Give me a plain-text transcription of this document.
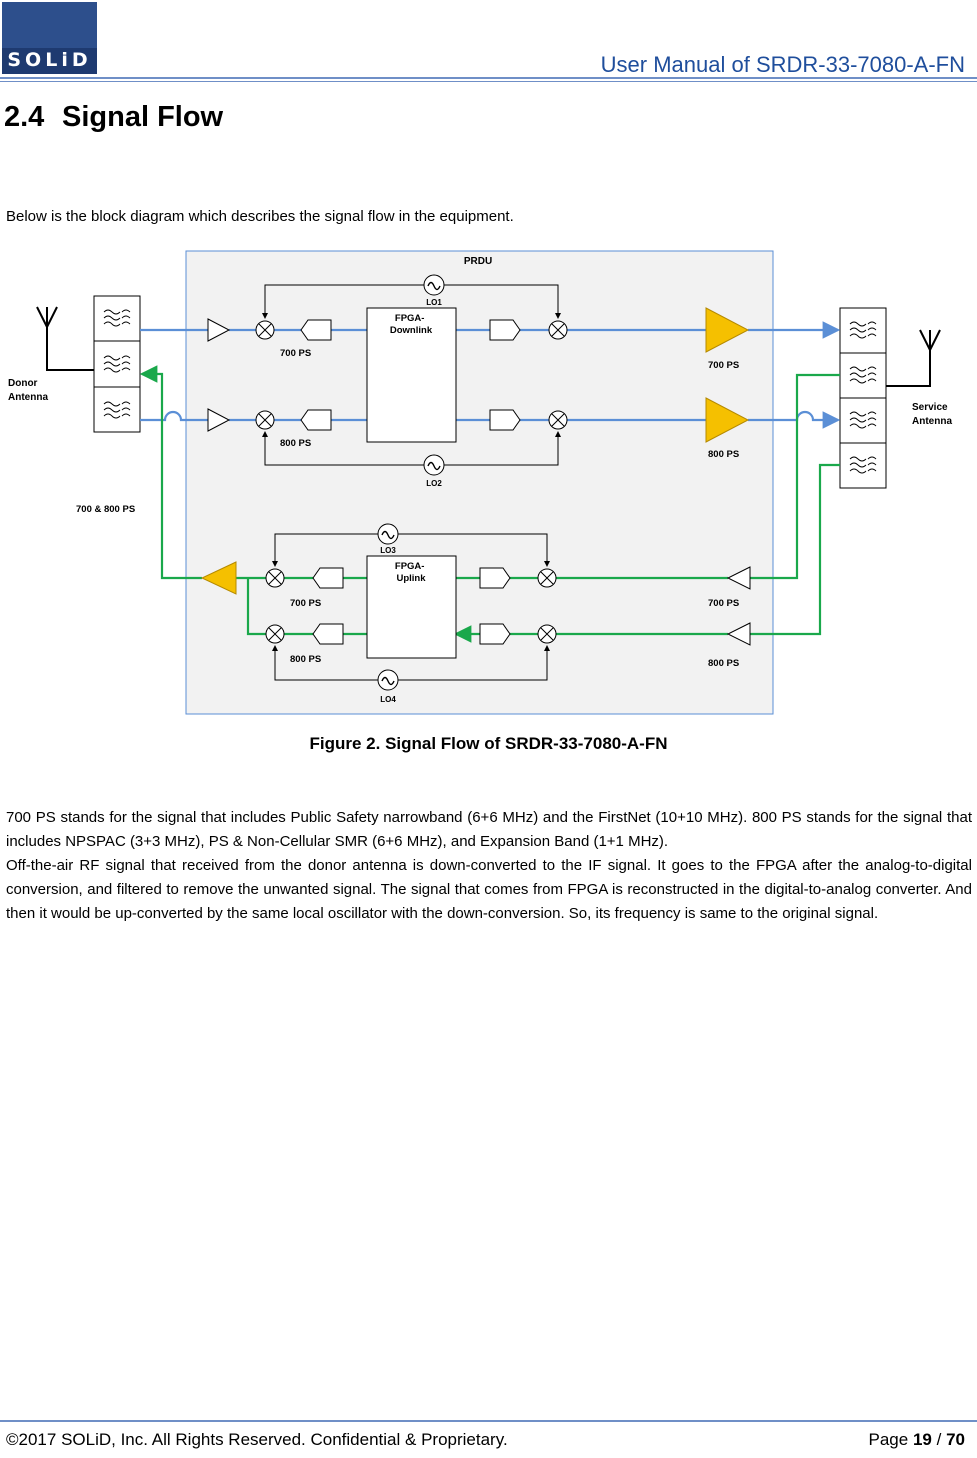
SOLiD	User Manual of SRDR-33-7080-A-FN
2.4 Signal Flow
Below is the block diagram which describes the signal flow in the equipment.
PRDU
Donor Antenna
Service Antenna
LO1
LO2
LO3
LO4
FPGA- Downlink
FPGA- Uplink
700 PS
800 PS
700 PS
800 PS
700 PS
800 PS
700 PS
800 PS
700 & 800 PS
Figure 2. Signal Flow of SRDR-33-7080-A-FN

700 PS stands for the signal that includes Public Safety narrowband (6+6 MHz) and the FirstNet (10+10 MHz). 800 PS stands for the signal that includes NPSPAC (3+3 MHz), PS & Non-Cellular SMR (6+6 MHz), and Expansion Band (1+1 MHz).

Off-the-air RF signal that received from the donor antenna is down-converted to the IF signal. It goes to the FPGA after the analog-to-digital conversion, and filtered to remove the unwanted signal. The signal that comes from FPGA is reconstructed in the digital-to-analog converter. And then it would be up-converted by the same local oscillator with the down-conversion. So, its frequency is same to the original signal.

©2017 SOLiD, Inc. All Rights Reserved. Confidential & Proprietary.	Page 19 / 70
